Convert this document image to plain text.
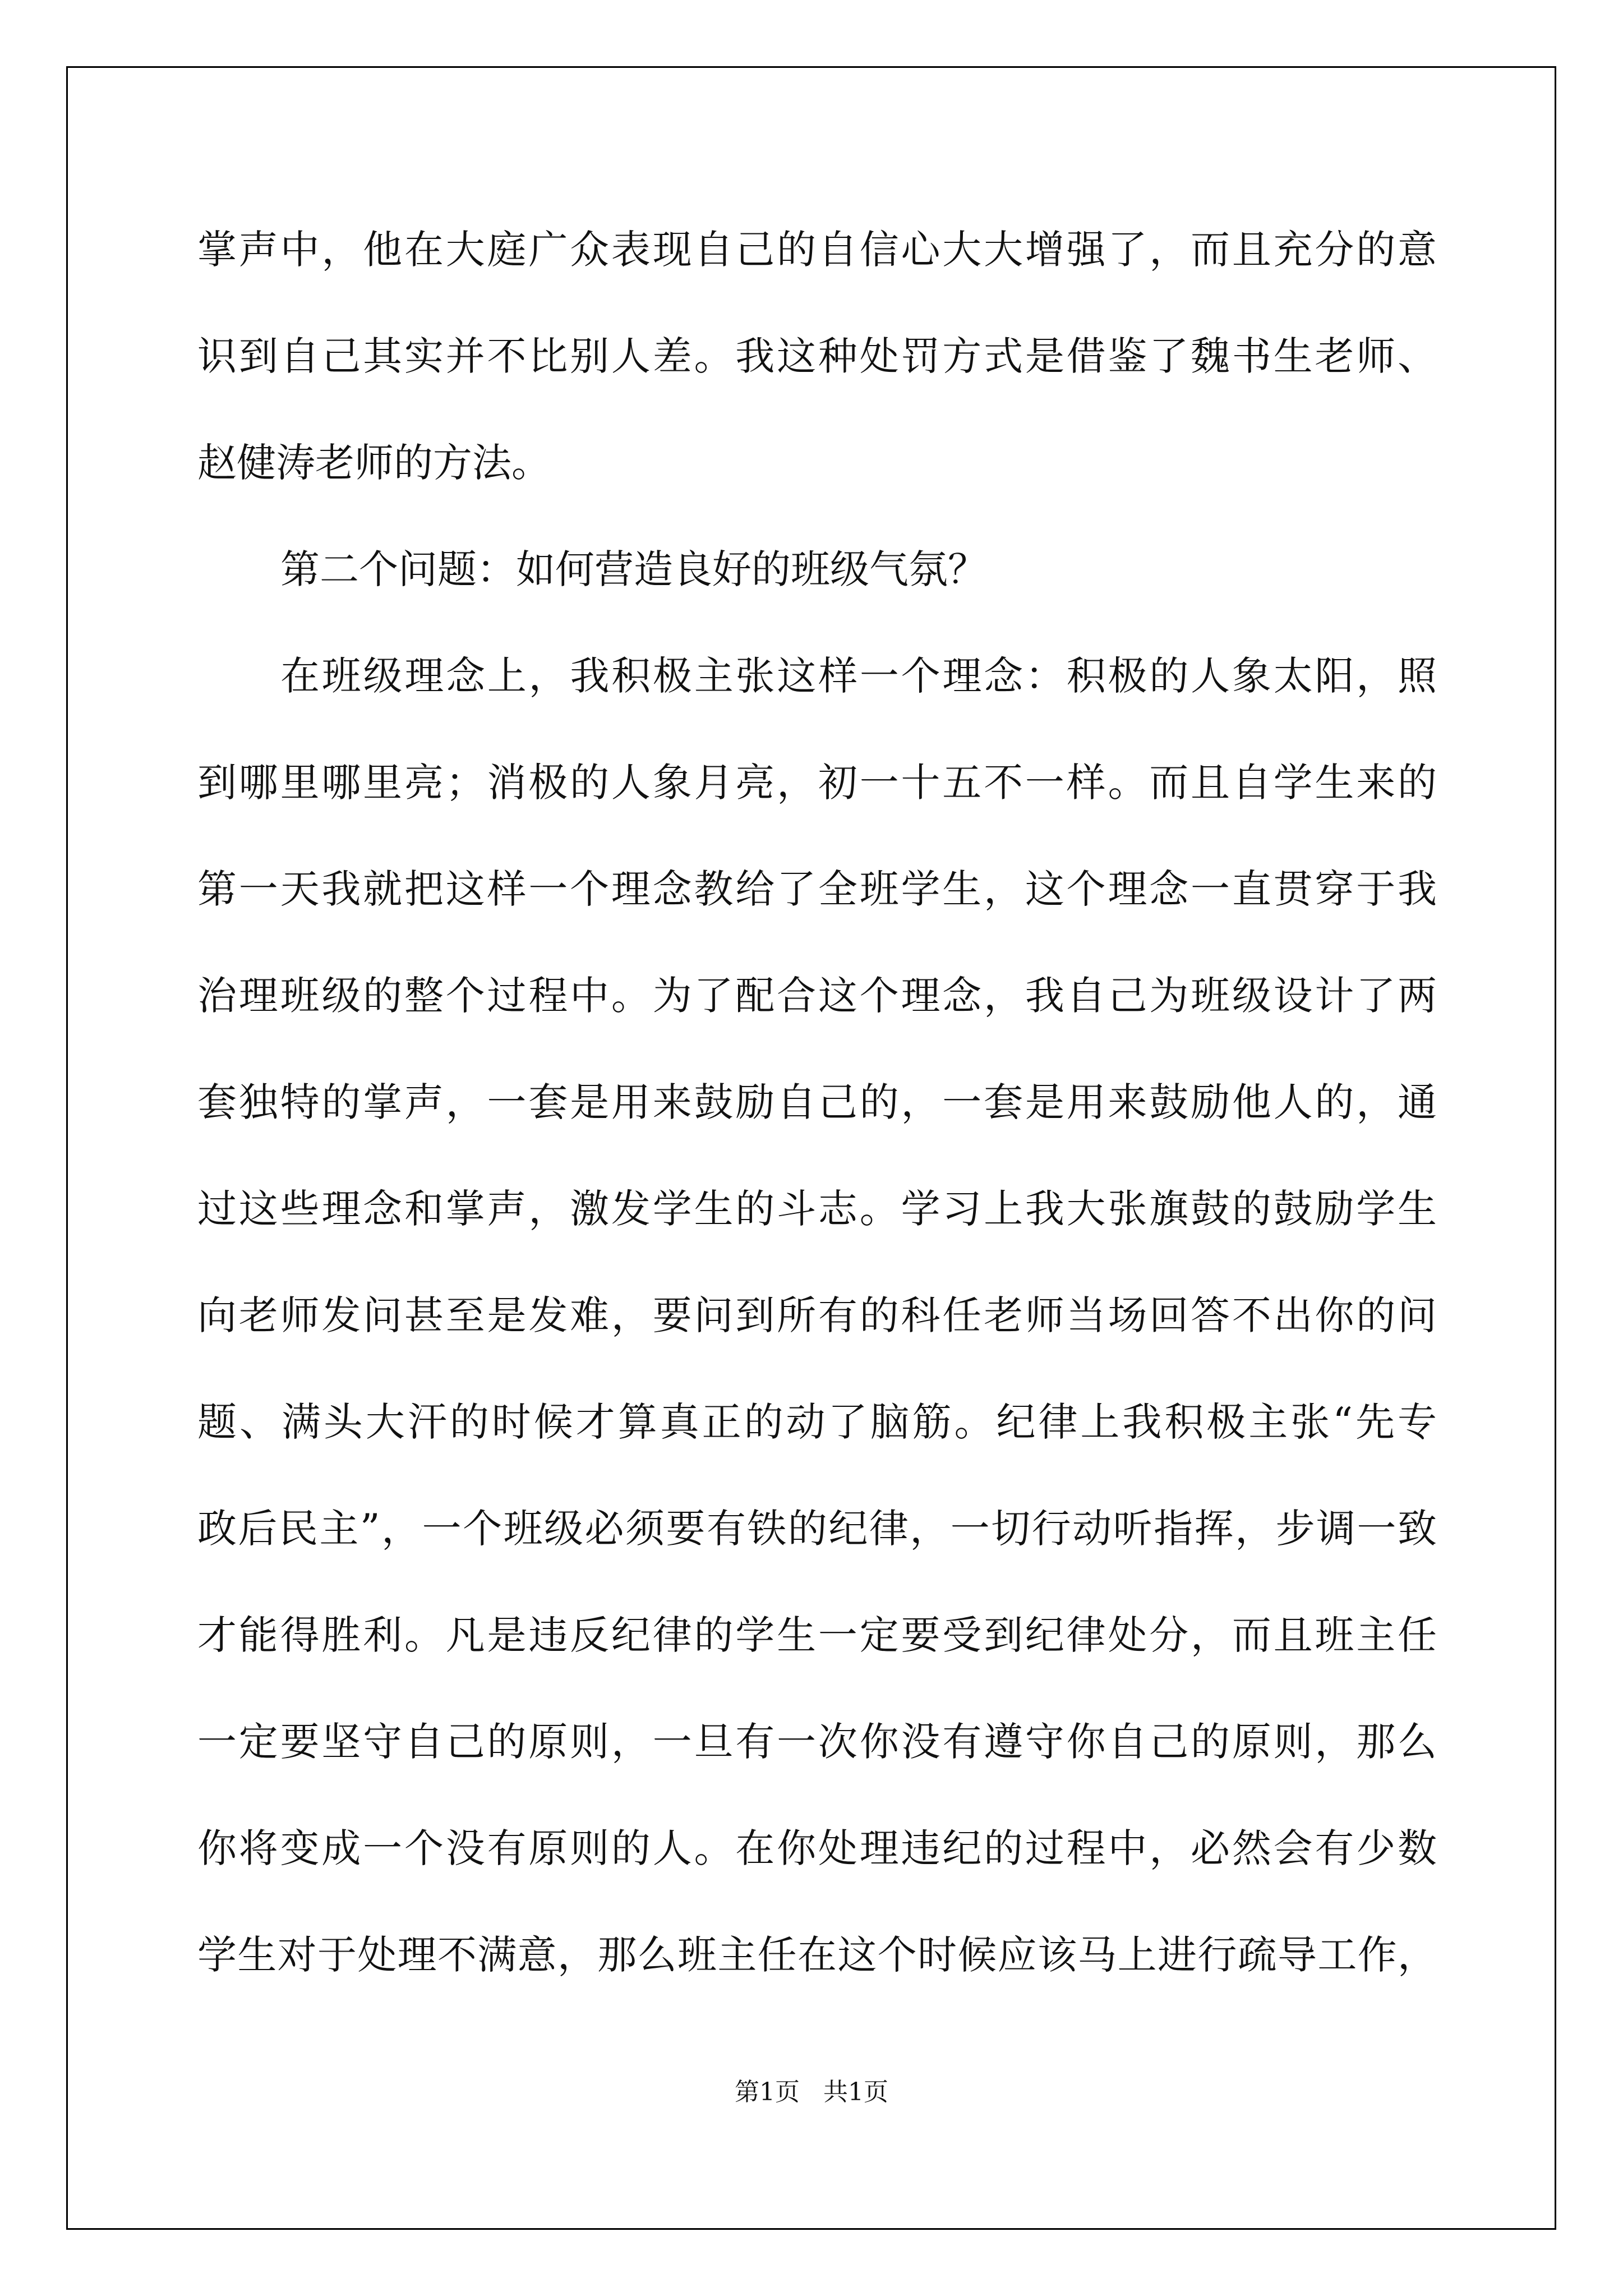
掌声中，他在大庭广众表现自己的自信心大大增强了，而且充分的意
识到自己其实并不比别人差。我这种处罚方式是借鉴了魏书生老师、
赵健涛老师的方法。
第二个问题：如何营造良好的班级气氛？
在班级理念上，我积极主张这样一个理念：积极的人象太阳，照
到哪里哪里亮；消极的人象月亮，初一十五不一样。而且自学生来的
第一天我就把这样一个理念教给了全班学生，这个理念一直贯穿于我
治理班级的整个过程中。为了配合这个理念，我自己为班级设计了两
套独特的掌声，一套是用来鼓励自己的，一套是用来鼓励他人的，通
过这些理念和掌声，激发学生的斗志。学习上我大张旗鼓的鼓励学生
向老师发问甚至是发难，要问到所有的科任老师当场回答不出你的问
题、满头大汗的时候才算真正的动了脑筋。纪律上我积极主张“先专
政后民主”，一个班级必须要有铁的纪律，一切行动听指挥，步调一致
才能得胜利。凡是违反纪律的学生一定要受到纪律处分，而且班主任
一定要坚守自己的原则，一旦有一次你没有遵守你自己的原则，那么
你将变成一个没有原则的人。在你处理违纪的过程中，必然会有少数
学生对于处理不满意，那么班主任在这个时候应该马上进行疏导工作，
第1页   共1页
